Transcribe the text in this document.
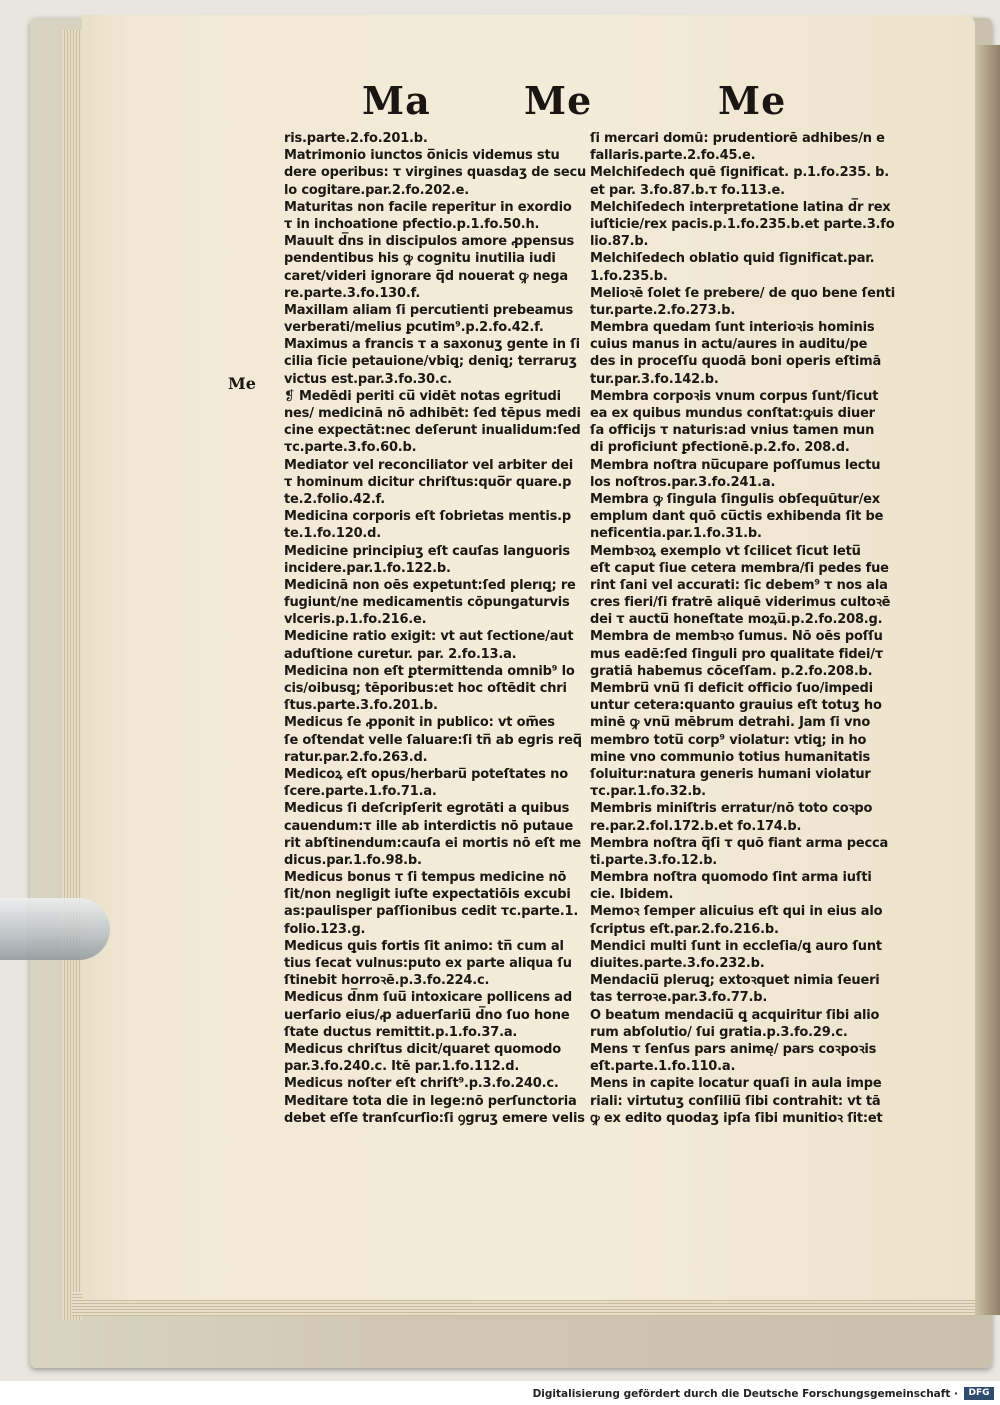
Ma Me	Me
Me
ris.parte.2.fo.201.b.
Matrimonio iunctos o̅nicis videmus stu
dere operibus: τ virgines quasdaʒ de secu
lo cogitare.par.2.fo.202.e.
Maturitas non facile reperitur in exordio
τ in inchoatione pfectio.p.1.fo.50.h.
Mauult d̅ns in discipulos amore ꝓpensus
pendentibus his ꝙ cognitu inutilia iudi
caret/videri ignorare q̅d nouerat ꝙ nega
re.parte.3.fo.130.f.
Maxillam aliam ſi percutienti prebeamus
verberati/melius ꝑcutim⁹.p.2.fo.42.f.
Maximus a francis τ a saxonuʒ gente in ſi
cilia ſicie petauione/vbiꝗ; deniꝗ; terraruʒ
victus est.par.3.fo.30.c.
❡ Medēdi periti cu̅ vidēt notas egritudi
nes/ medicinā nō adhibēt: ſed tēpus medi
cine expectāt:nec deſerunt inualidum:ſed
τc.parte.3.fo.60.b.
Mediator vel reconciliator vel arbiter dei
τ hominum dicitur chriſtus:quo̅r quare.p
te.2.folio.42.f.
Medicina corporis eſt ſobrietas mentis.p
te.1.fo.120.d.
Medicine principiuʒ eſt cauſas languoris
incidere.par.1.fo.122.b.
Medicinā non oēs expetunt:ſed plerıꝗ; re
fugiunt/ne medicamentis cōpungaturvis
vlceris.p.1.fo.216.e.
Medicine ratio exigit: vt aut ſectione/aut
aduſtione curetur. par. 2.fo.13.a.
Medicina non eſt ꝑtermittenda omnib⁹ lo
cis/oibusꝗ; tēporibus:et hoc oſtēdit chri
ſtus.parte.3.fo.201.b.
Medicus ſe ꝓponit in publico: vt om̅es
ſe oſtendat velle ſaluare:ſi tn̅ ab egris req̅
ratur.par.2.fo.263.d.
Medicoꝝ eſt opus/herbaru̅ poteſtates no
ſcere.parte.1.fo.71.a.
Medicus ſi deſcripſerit egrotāti a quibus
cauendum:τ ille ab interdictis nō putaue
rit abſtinendum:cauſa ei mortis nō eſt me
dicus.par.1.fo.98.b.
Medicus bonus τ ſi tempus medicine nō
ſit/non negligit iuſte expectatiōis excubi
as:paulisper paſſionibus cedit τc.parte.1.
folio.123.g.
Medicus ꝗuis fortis ſit animo: tn̅ cum al
tius ſecat vulnus:puto ex parte aliqua ſu
ſtinebit horroꝛē.p.3.fo.224.c.
Medicus d̅nm ſuu̅ intoxicare pollicens ad
uerſario eius/ꝓ aduerſariu̅ d̅no ſuo hone
ſtate ductus remittit.p.1.fo.37.a.
Medicus chriſtus dicit/quaret quomodo
par.3.fo.240.c. Itē par.1.fo.112.d.
Medicus noſter eſt chriſt⁹.p.3.fo.240.c.
Meditare tota die in lege:nō perſunctoria
debet eſſe tranſcurſio:ſi ꝯgruʒ emere velis
ſi mercari domū: prudentiorē adhibes/n e
fallaris.parte.2.fo.45.e.
Melchiſedech quē ſignificat. p.1.fo.235. b.
et par. 3.fo.87.b.τ fo.113.e.
Melchiſedech interpretatione latina d̅r rex
iuſticie/rex pacis.p.1.fo.235.b.et parte.3.fo
lio.87.b.
Melchiſedech oblatio quid ſignificat.par.
1.fo.235.b.
Melioꝛē ſolet ſe prebere/ de quo bene ſenti
tur.parte.2.fo.273.b.
Membra quedam ſunt interioꝛis hominis
cuius manus in actu/aures in auditu/pe
des in proceſſu quodā boni operis eſtimā
tur.par.3.fo.142.b.
Membra corpoꝛis vnum corpus ſunt/ſicut
ea ex quibus mundus conſtat:ꝙuis diuer
ſa officijs τ naturis:ad vnius tamen mun
di proficiunt ꝑfectionē.p.2.fo. 208.d.
Membra noſtra nu̅cupare poſſumus lectu
los noſtros.par.3.fo.241.a.
Membra ꝙ ſingula ſingulis obſequūtur/ex
emplum dant quō cu̅ctis exhibenda ſit be
neficentia.par.1.fo.31.b.
Membꝛoꝝ exemplo vt ſcilicet ſicut letu̅
eſt caput ſiue cetera membra/ſi pedes fue
rint ſani vel accurati: ſic debem⁹ τ nos ala
cres fieri/ſi fratrē aliquē viderimus cultoꝛē
dei τ auctu̅ honeſtate moꝝu̅.p.2.fo.208.g.
Membra de membꝛo ſumus. Nō oēs poſſu
mus eadē:ſed ſinguli pro qualitate fidei/τ
gratiā habemus cōceſſam. p.2.fo.208.b.
Membru̅ vnu̅ ſi deficit officio ſuo/impedi
untur cetera:quanto grauius eſt totuʒ ho
minē ꝙ vnu̅ mēbrum detrahi. Jam ſi vno
membro totu̅ corp⁹ violatur: vtiꝗ; in ho
mine vno communio totius humanitatis
ſoluitur:natura generis humani violatur
τc.par.1.fo.32.b.
Membris miniſtris erratur/nō toto coꝛpo
re.par.2.fol.172.b.et fo.174.b.
Membra noſtra q̅ſi τ quō fiant arma pecca
ti.parte.3.fo.12.b.
Membra noſtra quomodo ſint arma iuſti
cie. Ibidem.
Memoꝛ ſemper alicuius eſt qui in eius alo
ſcriptus eſt.par.2.fo.216.b.
Mendici multi ſunt in eccleſia/ꝗ auro ſunt
diuites.parte.3.fo.232.b.
Mendaciu̅ pleruꝗ; extoꝛquet nimia ſeueri
tas terroꝛe.par.3.fo.77.b.
O beatum mendaciu̅ ꝗ acquiritur ſibi alio
rum abſolutio/ ſui gratia.p.3.fo.29.c.
Mens τ ſenſus pars animę/ pars coꝛpoꝛis
eſt.parte.1.fo.110.a.
Mens in capite locatur quaſi in aula impe
riali: virtutuʒ conſiliu̅ ſibi contrahit: vt tā
ꝙ ex edito quodaʒ ipſa ſibi munitioꝛ ſit:et
Digitalisierung gefördert durch die Deutsche Forschungsgemeinschaft ·	DFG
